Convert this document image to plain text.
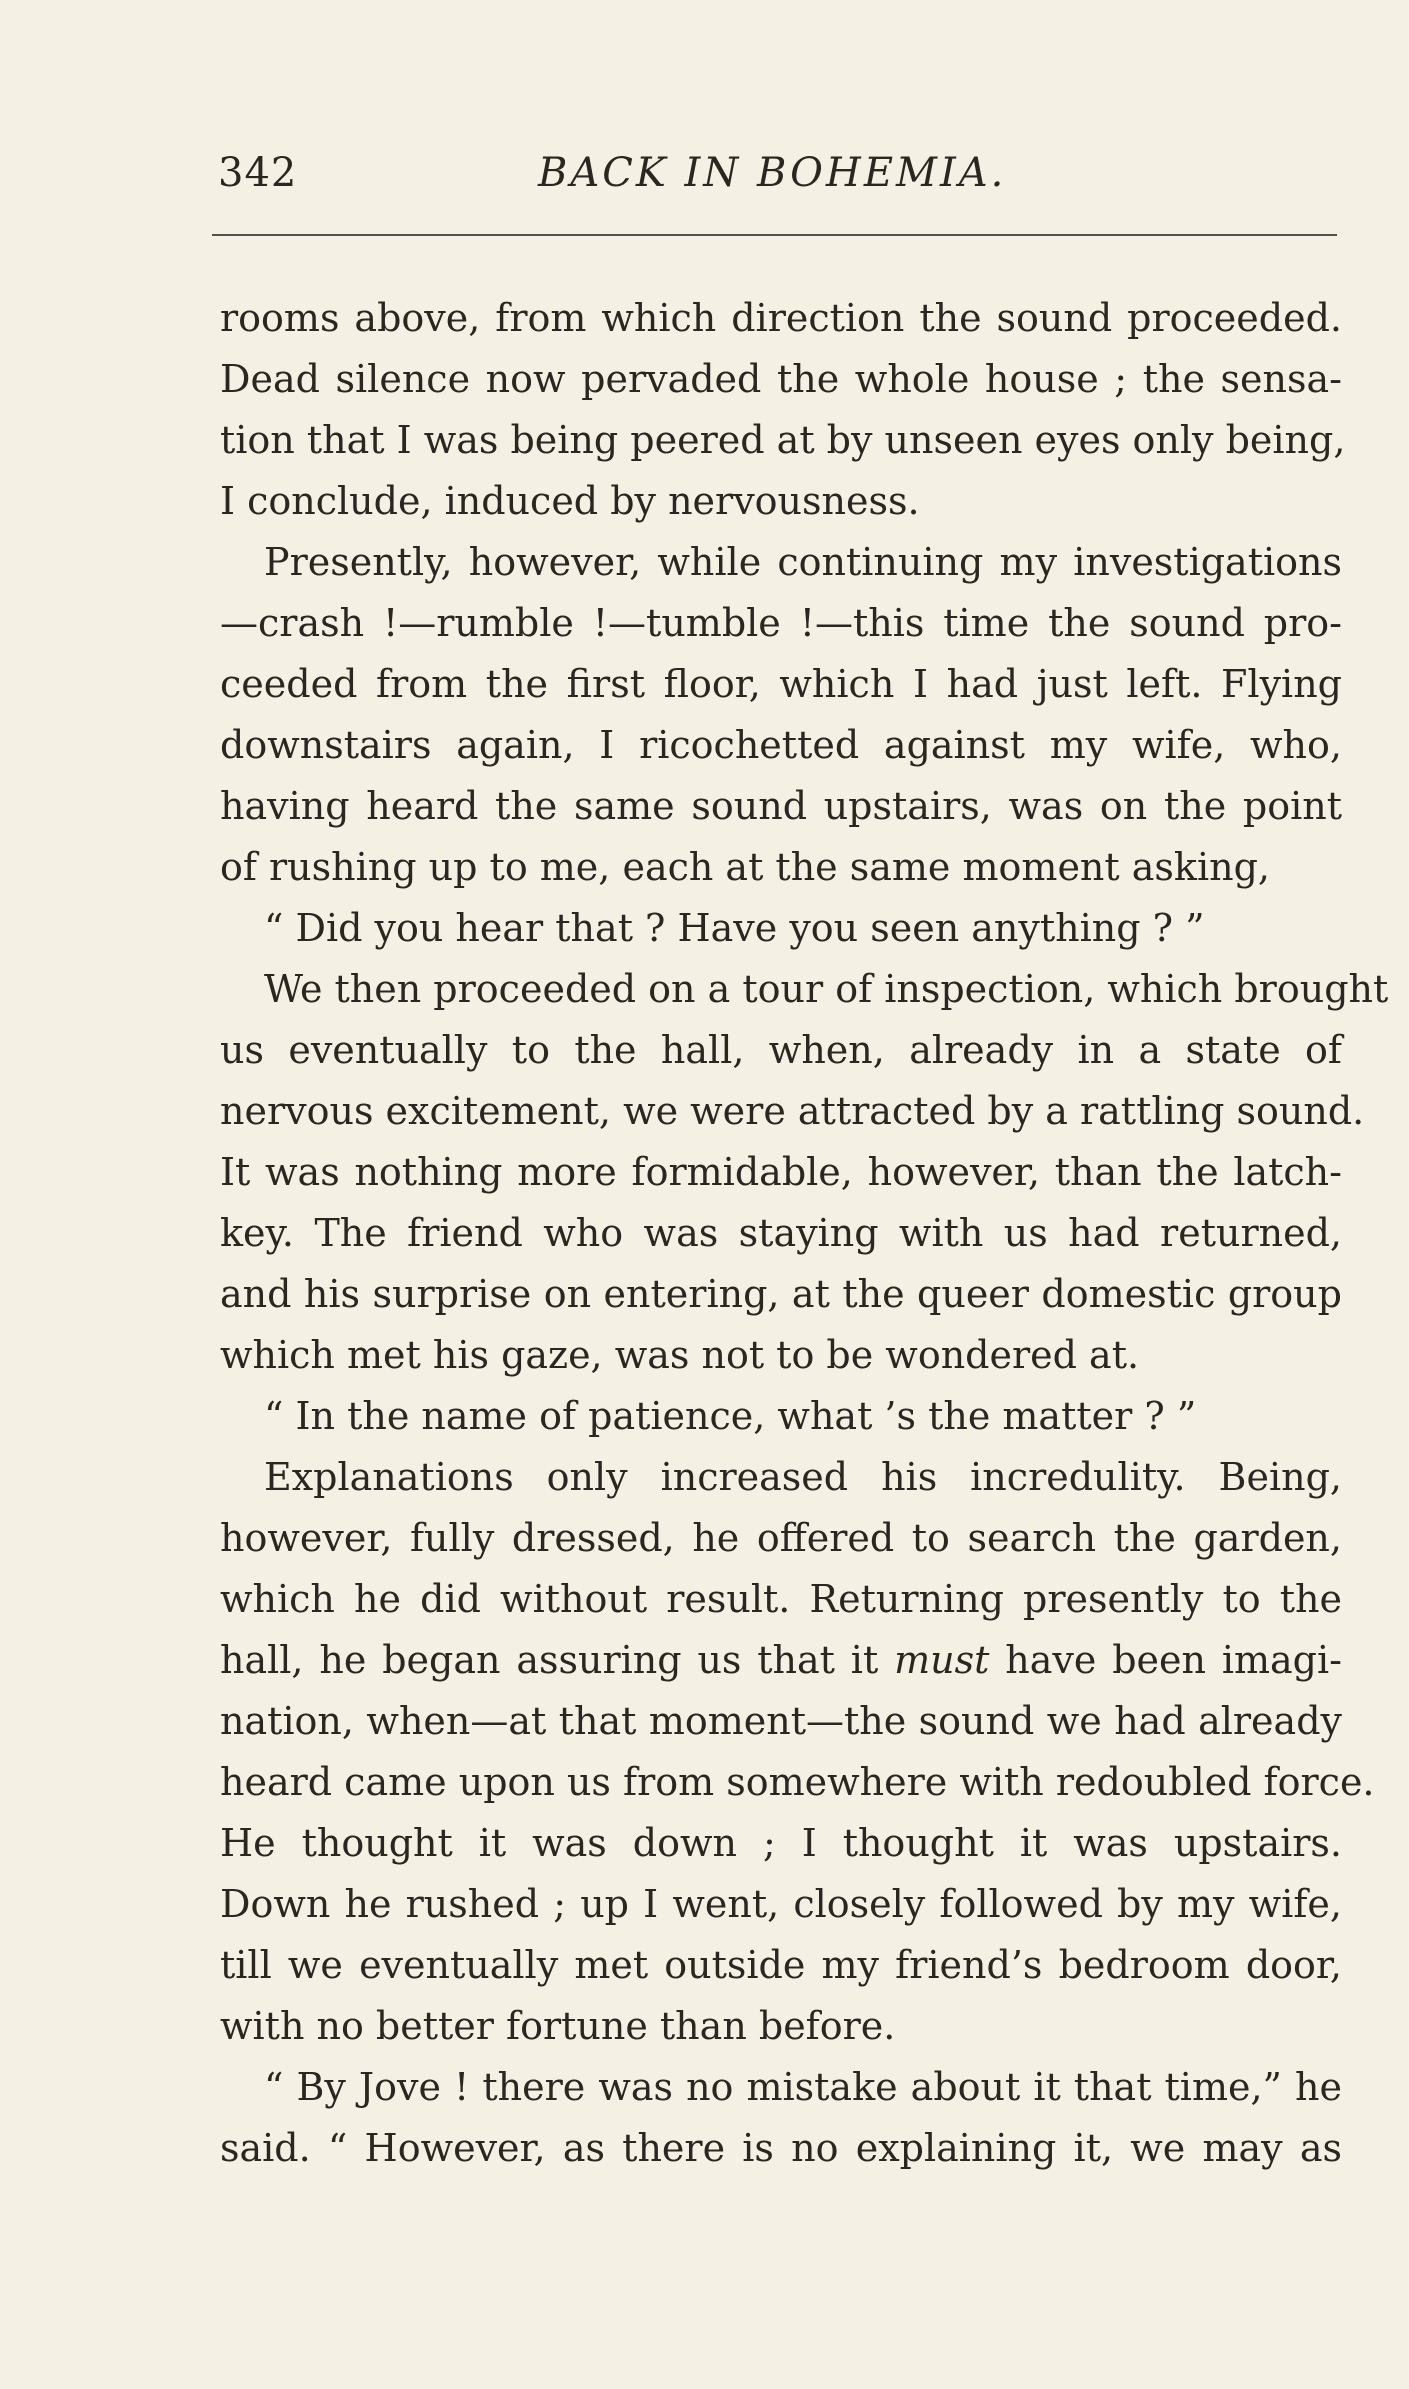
342	BACK IN BOHEMIA.
rooms above, from which direction the sound proceeded.
Dead silence now pervaded the whole house ; the sensa-
tion that I was being peered at by unseen eyes only being,
I conclude, induced by nervousness.
Presently, however, while continuing my investigations
—crash !—rumble !—tumble !—this time the sound pro-
ceeded from the first floor, which I had just left. Flying
downstairs again, I ricochetted against my wife, who,
having heard the same sound upstairs, was on the point
of rushing up to me, each at the same moment asking,
“ Did you hear that ? Have you seen anything ? ”
We then proceeded on a tour of inspection, which brought
us eventually to the hall, when, already in a state of
nervous excitement, we were attracted by a rattling sound.
It was nothing more formidable, however, than the latch-
key. The friend who was staying with us had returned,
and his surprise on entering, at the queer domestic group
which met his gaze, was not to be wondered at.
“ In the name of patience, what ’s the matter ? ”
Explanations only increased his incredulity. Being,
however, fully dressed, he offered to search the garden,
which he did without result. Returning presently to the
hall, he began assuring us that it must have been imagi-
nation, when—at that moment—the sound we had already
heard came upon us from somewhere with redoubled force.
He thought it was down ; I thought it was upstairs.
Down he rushed ; up I went, closely followed by my wife,
till we eventually met outside my friend’s bedroom door,
with no better fortune than before.
“ By Jove ! there was no mistake about it that time,” he
said. “ However, as there is no explaining it, we may as
